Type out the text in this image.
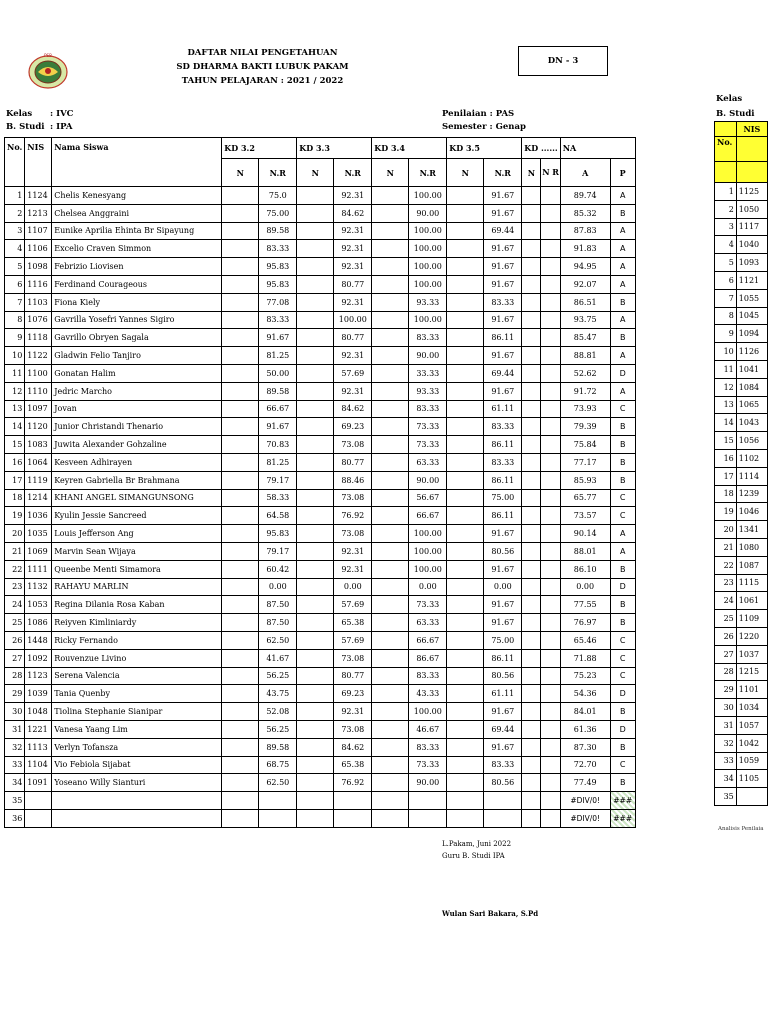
PSB	DAFTAR NILAI PENGETAHUAN
SD DHARMA BAKTI LUBUK PAKAM
TAHUN PELAJARAN : 2021 / 2022
DN - 3
Kelas : IVC
B. Studi : IPA
Penilaian : PAS
Semester : Genap
No.	NIS	Nama Siswa	KD 3.2		KD 3.3		KD 3.4		KD 3.5		KD ......		NA	
			N	N.R	N	N.R	N	N.R	N	N.R	N	N R	A	P
1	1124	Chelis Kenesyang		75.0		92.31		100.00		91.67			89.74	A
2	1213	Chelsea Anggraini		75.00		84.62		90.00		91.67			85.32	B
3	1107	Eunike Aprilia Ehinta Br Sipayung		89.58		92.31		100.00		69.44			87.83	A
4	1106	Excelio Craven Simmon		83.33		92.31		100.00		91.67			91.83	A
5	1098	Febrizio Liovisen		95.83		92.31		100.00		91.67			94.95	A
6	1116	Ferdinand Courageous		95.83		80.77		100.00		91.67			92.07	A
7	1103	Fiona Kiely		77.08		92.31		93.33		83.33			86.51	B
8	1076	Gavrilla Yosefri Yannes Sigiro		83.33		100.00		100.00		91.67			93.75	A
9	1118	Gavrillo Obryen Sagala		91.67		80.77		83.33		86.11			85.47	B
10	1122	Gladwin Felio Tanjiro		81.25		92.31		90.00		91.67			88.81	A
11	1100	Gonatan Halim		50.00		57.69		33.33		69.44			52.62	D
12	1110	Jedric Marcho		89.58		92.31		93.33		91.67			91.72	A
13	1097	Jovan		66.67		84.62		83.33		61.11			73.93	C
14	1120	Junior Christandi Thenario		91.67		69.23		73.33		83.33			79.39	B
15	1083	Juwita Alexander Gohzaline		70.83		73.08		73.33		86.11			75.84	B
16	1064	Kesveen Adhirayen		81.25		80.77		63.33		83.33			77.17	B
17	1119	Keyren Gabriella Br Brahmana		79.17		88.46		90.00		86.11			85.93	B
18	1214	KHANI ANGEL SIMANGUNSONG		58.33		73.08		56.67		75.00			65.77	C
19	1036	Kyulin Jessie Sancreed		64.58		76.92		66.67		86.11			73.57	C
20	1035	Louis Jefferson Ang		95.83		73.08		100.00		91.67			90.14	A
21	1069	Marvin Sean Wijaya		79.17		92.31		100.00		80.56			88.01	A
22	1111	Queenbe Menti Simamora		60.42		92.31		100.00		91.67			86.10	B
23	1132	RAHAYU MARLIN		0.00		0.00		0.00		0.00			0.00	D
24	1053	Regina Dilania Rosa Kaban		87.50		57.69		73.33		91.67			77.55	B
25	1086	Reiyven Kimliniardy		87.50		65.38		63.33		91.67			76.97	B
26	1448	Ricky Fernando		62.50		57.69		66.67		75.00			65.46	C
27	1092	Rouvenzue Livino		41.67		73.08		86.67		86.11			71.88	C
28	1123	Serena Valencia		56.25		80.77		83.33		80.56			75.23	C
29	1039	Tania Quenby		43.75		69.23		43.33		61.11			54.36	D
30	1048	Tiolina Stephanie Sianipar		52.08		92.31		100.00		91.67			84.01	B
31	1221	Vanesa Yaang Lim		56.25		73.08		46.67		69.44			61.36	D
32	1113	Verlyn Tofansza		89.58		84.62		83.33		91.67			87.30	B
33	1104	Vio Febiola Sijabat		68.75		65.38		73.33		83.33			72.70	C
34	1091	Yoseano Willy Sianturi		62.50		76.92		90.00		80.56			77.49	B
35													#DIV/0!	###
36													#DIV/0!	###
L.Pakam, Juni 2022
Guru B. Studi IPA
Wulan Sari Bakara, S.Pd
Kelas
B. Studi
	NIS
No.	

1	1125
2	1050
3	1117
4	1040
5	1093
6	1121
7	1055
8	1045
9	1094
10	1126
11	1041
12	1084
13	1065
14	1043
15	1056
16	1102
17	1114
18	1239
19	1046
20	1341
21	1080
22	1087
23	1115
24	1061
25	1109
26	1220
27	1037
28	1215
29	1101
30	1034
31	1057
32	1042
33	1059
34	1105
35	
Analisis Penilaia
